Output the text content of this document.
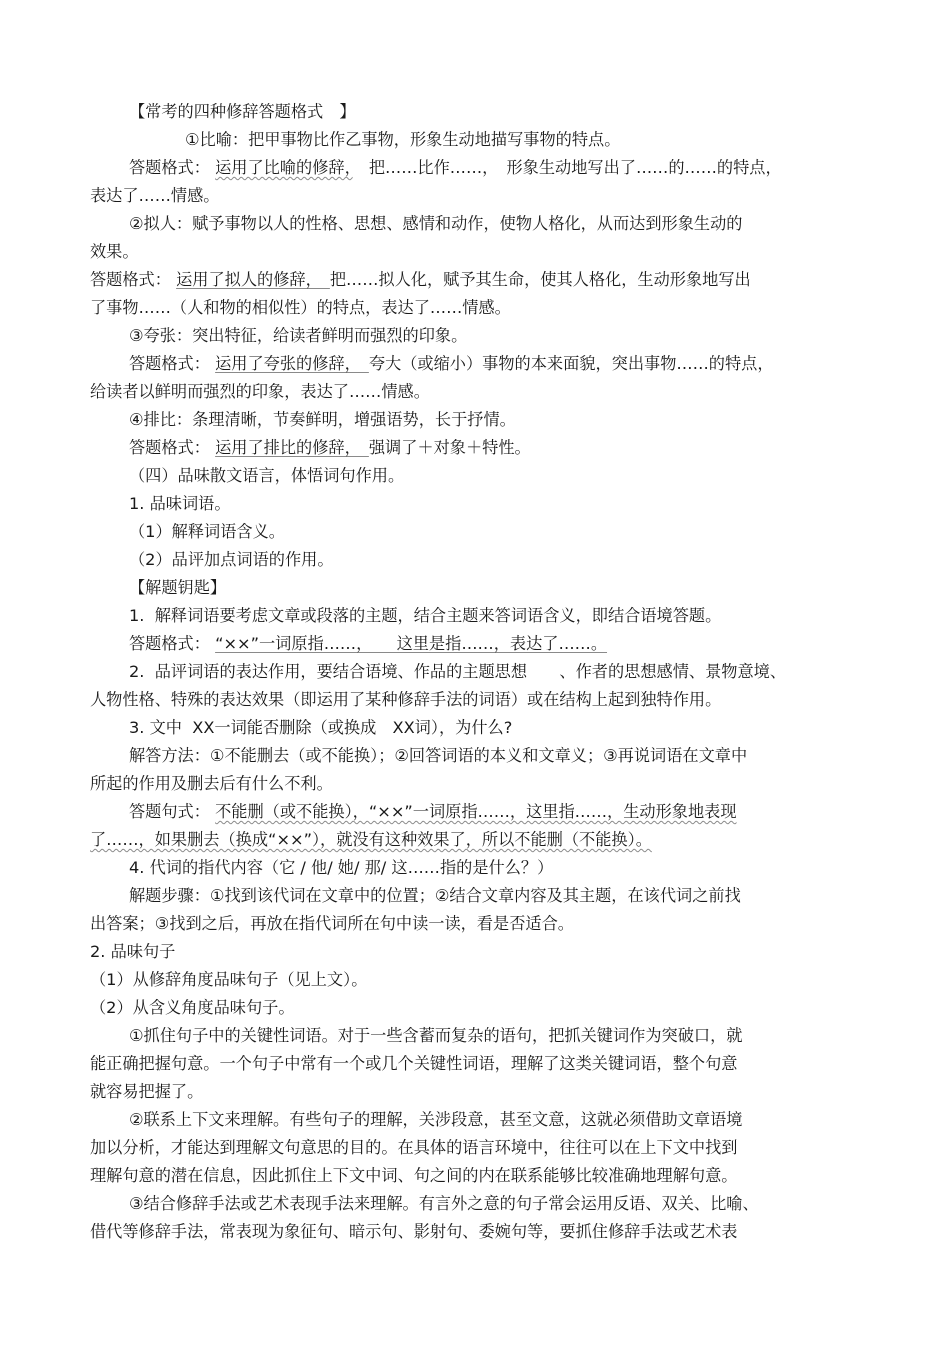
【常考的四种修辞答题格式　】
①比喻：把甲事物比作乙事物，形象生动地描写事物的特点。
答题格式： 运用了比喻的修辞，　把……比作……，　形象生动地写出了……的……的特点，
表达了……情感。
②拟人：赋予事物以人的性格、思想、感情和动作，使物人格化，从而达到形象生动的
效果。
答题格式： 运用了拟人的修辞，　把……拟人化，赋予其生命，使其人格化，生动形象地写出
了事物……（人和物的相似性）的特点，表达了……情感。
③夸张：突出特征，给读者鲜明而强烈的印象。
答题格式： 运用了夸张的修辞，　夸大（或缩小）事物的本来面貌，突出事物……的特点，
给读者以鲜明而强烈的印象，表达了……情感。
④排比：条理清晰，节奏鲜明，增强语势，长于抒情。
答题格式： 运用了排比的修辞，　强调了＋对象＋特性。
（四）品味散文语言，体悟词句作用。
1. 品味词语。
（1）解释词语含义。
（2）品评加点词语的作用。
【解题钥匙】
1.  解释词语要考虑文章或段落的主题，结合主题来答词语含义，即结合语境答题。
答题格式： “××”一词原指……，　　这里是指……，表达了……。
2.  品评词语的表达作用，要结合语境、作品的主题思想　　、作者的思想感情、景物意境、
人物性格、特殊的表达效果（即运用了某种修辞手法的词语）或在结构上起到独特作用。
3. 文中  XX一词能否删除（或换成　XX词），为什么?
解答方法：①不能删去（或不能换）；②回答词语的本义和文章义；③再说词语在文章中
所起的作用及删去后有什么不利。
答题句式： 不能删（或不能换），“××”一词原指……，这里指……，生动形象地表现
了……，如果删去（换成“××”），就没有这种效果了，所以不能删（不能换）。
4. 代词的指代内容（它 / 他/ 她/ 那/ 这……指的是什么？）
解题步骤：①找到该代词在文章中的位置；②结合文章内容及其主题，在该代词之前找
出答案；③找到之后，再放在指代词所在句中读一读，看是否适合。
2. 品味句子
（1）从修辞角度品味句子（见上文）。
（2）从含义角度品味句子。
①抓住句子中的关键性词语。对于一些含蓄而复杂的语句，把抓关键词作为突破口，就
能正确把握句意。一个句子中常有一个或几个关键性词语，理解了这类关键词语，整个句意
就容易把握了。
②联系上下文来理解。有些句子的理解，关涉段意，甚至文意，这就必须借助文章语境
加以分析，才能达到理解文句意思的目的。在具体的语言环境中，往往可以在上下文中找到
理解句意的潜在信息，因此抓住上下文中词、句之间的内在联系能够比较准确地理解句意。
③结合修辞手法或艺术表现手法来理解。有言外之意的句子常会运用反语、双关、比喻、
借代等修辞手法，常表现为象征句、暗示句、影射句、委婉句等，要抓住修辞手法或艺术表
